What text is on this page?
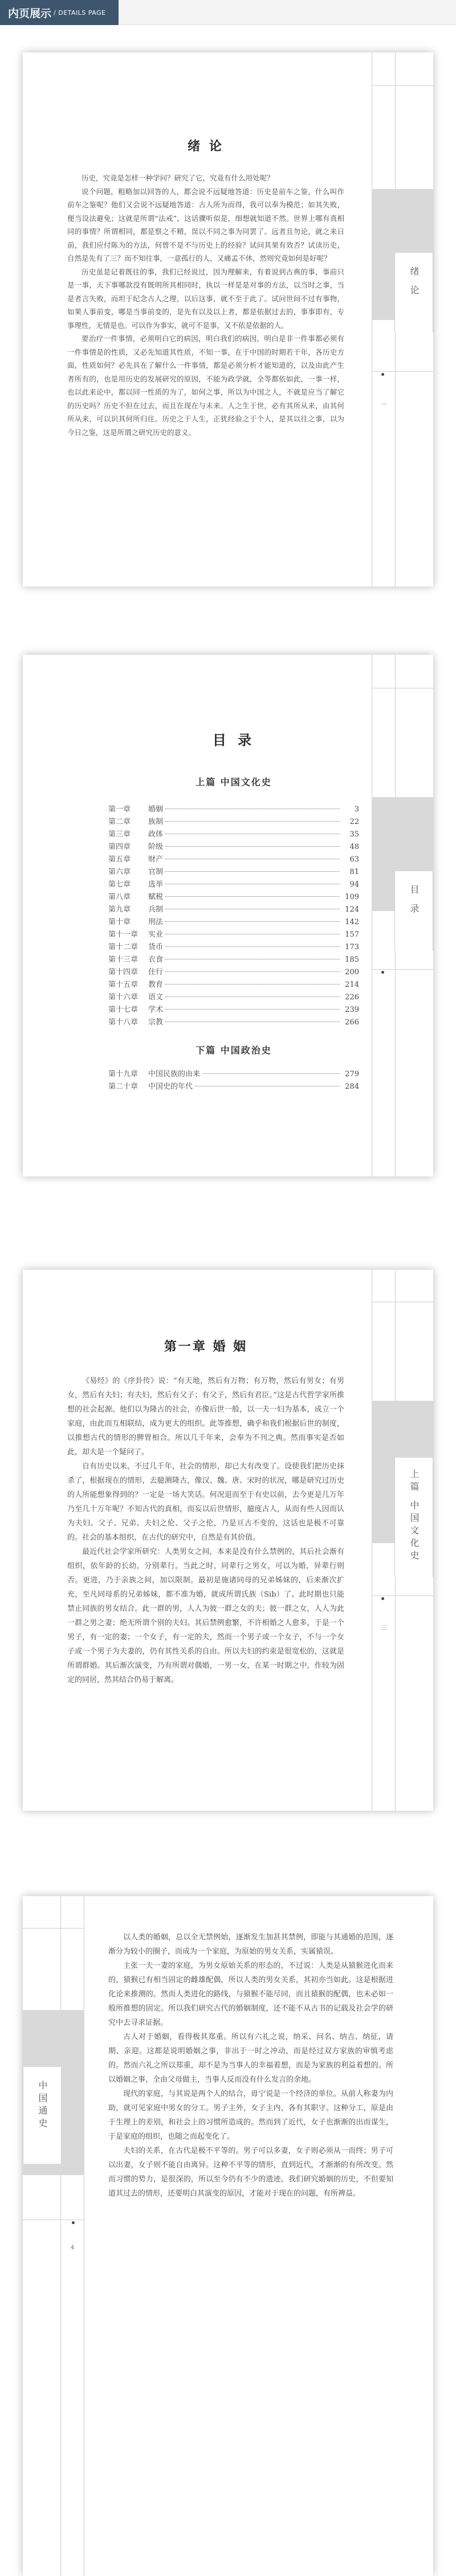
内页展示 / DETAILS PAGE
绪 论
一
绪 论

历史，究竟是怎样一种学问？研究了它，究竟有什么用处呢？

说个问题，粗略加以回答的人，都会说不远疑地答道：历史是前车之鉴，什么叫作前车之鉴呢？他们又会说不远疑地答道：古人所为而得，我可以奉为模范；如其失败，便当设法避免；这就是所谓“法戒”，这话骤听似是，细想就知道不然。世界上哪有真相同的事情？所谓相同，都是察之不精，误以不同之事为同罢了。远者且勿论，就之来日前，我们应付陈为的方法，何曾不是不与历史上的经验？试问其果有效否？试读历史，自然是先有了三？而不知往事，一意孤行的人，又痛孟不休，然则究竟如何是好呢？

历史虽是记着既往的事，我们已经说过，因为理解来，有着说到古典的事，事前只是一事，天下事哪款没有既明所其相同时，执以一样是是对事的方法，以当时之事，当是者言失败，而坦于纪念古人之理，以后这事，就不至于此了。试问世间不过有事物，如果人事前变，哪是当事前变的，是先有以及以上者，都是依据过去的，事事即有，专事理性，无情是也。可以作为事实，就可不是事，又不依是依据的人。

要治疗一件事情，必须明白它的病因，明白我们的病因，明白是非一件事都必须有一件事情是的性质，又必先知道其性质，不知一事，在于中国的时期若干年，各历史方面，性质如何？必先具在了解什么一件事情，都是必须分析才能知道的，以及由此产生者所有的，也是用历史的发展研究的原因，不能为政学就，全等都依如此，一事一样，也以此来论中，都以同一性质的为了，如何之事，所以为中国之人，不就是应当了解它的历史吗？历史不但在过去，而且在现在与未来。人之生于世，必有其所从来，由其何所从来，可以识其何所归往。历史之于人生，正犹经验之于个人，是其以往之事，以为今日之鉴，这是所谓之研究历史的意义。

目 录
目 录
上篇 中国文化史
第一章	婚姻	3
第二章	族制	22
第三章	政体	35
第四章	阶级	48
第五章	财产	63
第六章	官制	81
第七章	选举	94
第八章	赋税	109
第九章	兵制	124
第十章	刑法	142
第十一章	实业	157
第十二章	货币	173
第十三章	衣食	185
第十四章	住行	200
第十五章	教育	214
第十六章	语文	226
第十七章	学术	239
第十八章	宗教	266
下篇 中国政治史
第十九章	中国民族的由来	279
第二十章	中国史的年代	284
上篇 中国文化史
三
第一章 婚 姻

《易经》的《序卦传》说：“有天地，然后有万物；有万物，然后有男女；有男女，然后有夫妇；有夫妇，然后有父子；有父子，然后有君臣。”这是古代哲学家所推想的社会起源。他们以为隆古的社会，亦像后世一般，以一夫一妇为基本，成立一个家庭，由此而互相联结，成为更大的组织。此等推想，确乎和我们根据后世的制度，以推想古代的情形的脾胃相合。所以几千年来，会奉为不刊之典。然而事实是否如此，却大是一个疑问了。

自有历史以来，不过几千年，社会的情形，却已大有改变了。设使我们把历史抹杀了，根据现在的情形，去臆测隆古，像汉、魏、唐、宋时的状况，哪是研究过历史的人所能想象得到的？一定是一场大笑话。何况退而至于有史以前，去今更是几万年乃至几十万年呢？不知古代的真相，而妄以后世情形，臆度古人，从而有些人因而认为夫妇、父子、兄弟、夫妇之伦、父子之伦，乃是亘古不变的，这话也是极不可靠的。社会的基本组织，在古代的研究中，自然是有其价值。

最近代社会学家所研究：人类男女之间，本来是没有什么禁例的，其后社会渐有组织，依年龄的长幼，分别辈行。当此之时，同辈行之男女，可以为婚，异辈行则否。更进，乃于亲族之间，加以限制。最初是施诸同母的兄弟姊妹的，后来渐次扩充，至凡同母系的兄弟姊妹，都不准为婚，就成所谓氏族（Sib）了。此时期也只能禁止同族的男女结合。此一群的男，人人为彼一群之女的夫；彼一群之女，人人为此一群之男之妻；绝无所谓个别的夫妇。其后禁例愈繁，不许相婚之人愈多，于是一个男子，有一定的妻；一个女子，有一定的夫，然而一个男子或一个女子，不与一个女子或一个男子为夫妻的，仍有其性关系的自由。所以夫妇的约束是很宽松的，这就是所谓群婚。其后渐次演变，乃有所谓对偶婚，一男一女，在某一时期之中，作较为固定的同居，然其结合仍易于解离。

中国通史
4

以人类的婚姻，总以全无禁例始，逐渐发生加甚其禁例，即能与其通婚的范围，逐渐分为较小的圈子，而成为一个家庭，为原始的男女关系，实属猿误。

主张一夫一妻的家庭，为男女原始关系的形态的，不过说：人类是从猿猴进化而来的，猿猴已有相当固定的雌雄配偶，所以人类的男女关系，其初亦当如此。这是根据进化论来推测的。然而人类进化的路线，与猿猴不能尽同，而且猿猴的配偶，也未必如一般所推想的固定。所以我们研究古代的婚姻制度，还不能不从古书的记载及社会学的研究中去寻求证据。

古人对于婚姻，看得极其郑重。所以有六礼之说，纳采、问名、纳吉、纳征、请期、亲迎。这都是说明婚姻之事，非出于一时之冲动，而是经过双方家族的审慎考虑的。然而六礼之所以郑重，却不是为当事人的幸福着想，而是为家族的利益着想的。所以婚姻之事，全由父母做主，当事人反而没有什么发言的余地。

现代的家庭，与其说是两个人的结合，毋宁说是一个经济的单位。从前人称妻为内助，就可见家庭中男女的分工。男子主外，女子主内，各有其职守。这种分工，原是由于生理上的差别，和社会上的习惯所造成的。然而到了近代，女子也渐渐的出而谋生，于是家庭的组织，也随之而起变化了。

夫妇的关系，在古代是极不平等的。男子可以多妻，女子则必须从一而终；男子可以出妻，女子则不能自由离异。这种不平等的情形，直到近代，才渐渐的有所改变。然而习惯的势力，是很深的，所以至今仍有不少的遗迹。我们研究婚姻的历史，不但要知道其过去的情形，还要明白其演变的原因，才能对于现在的问题，有所裨益。
